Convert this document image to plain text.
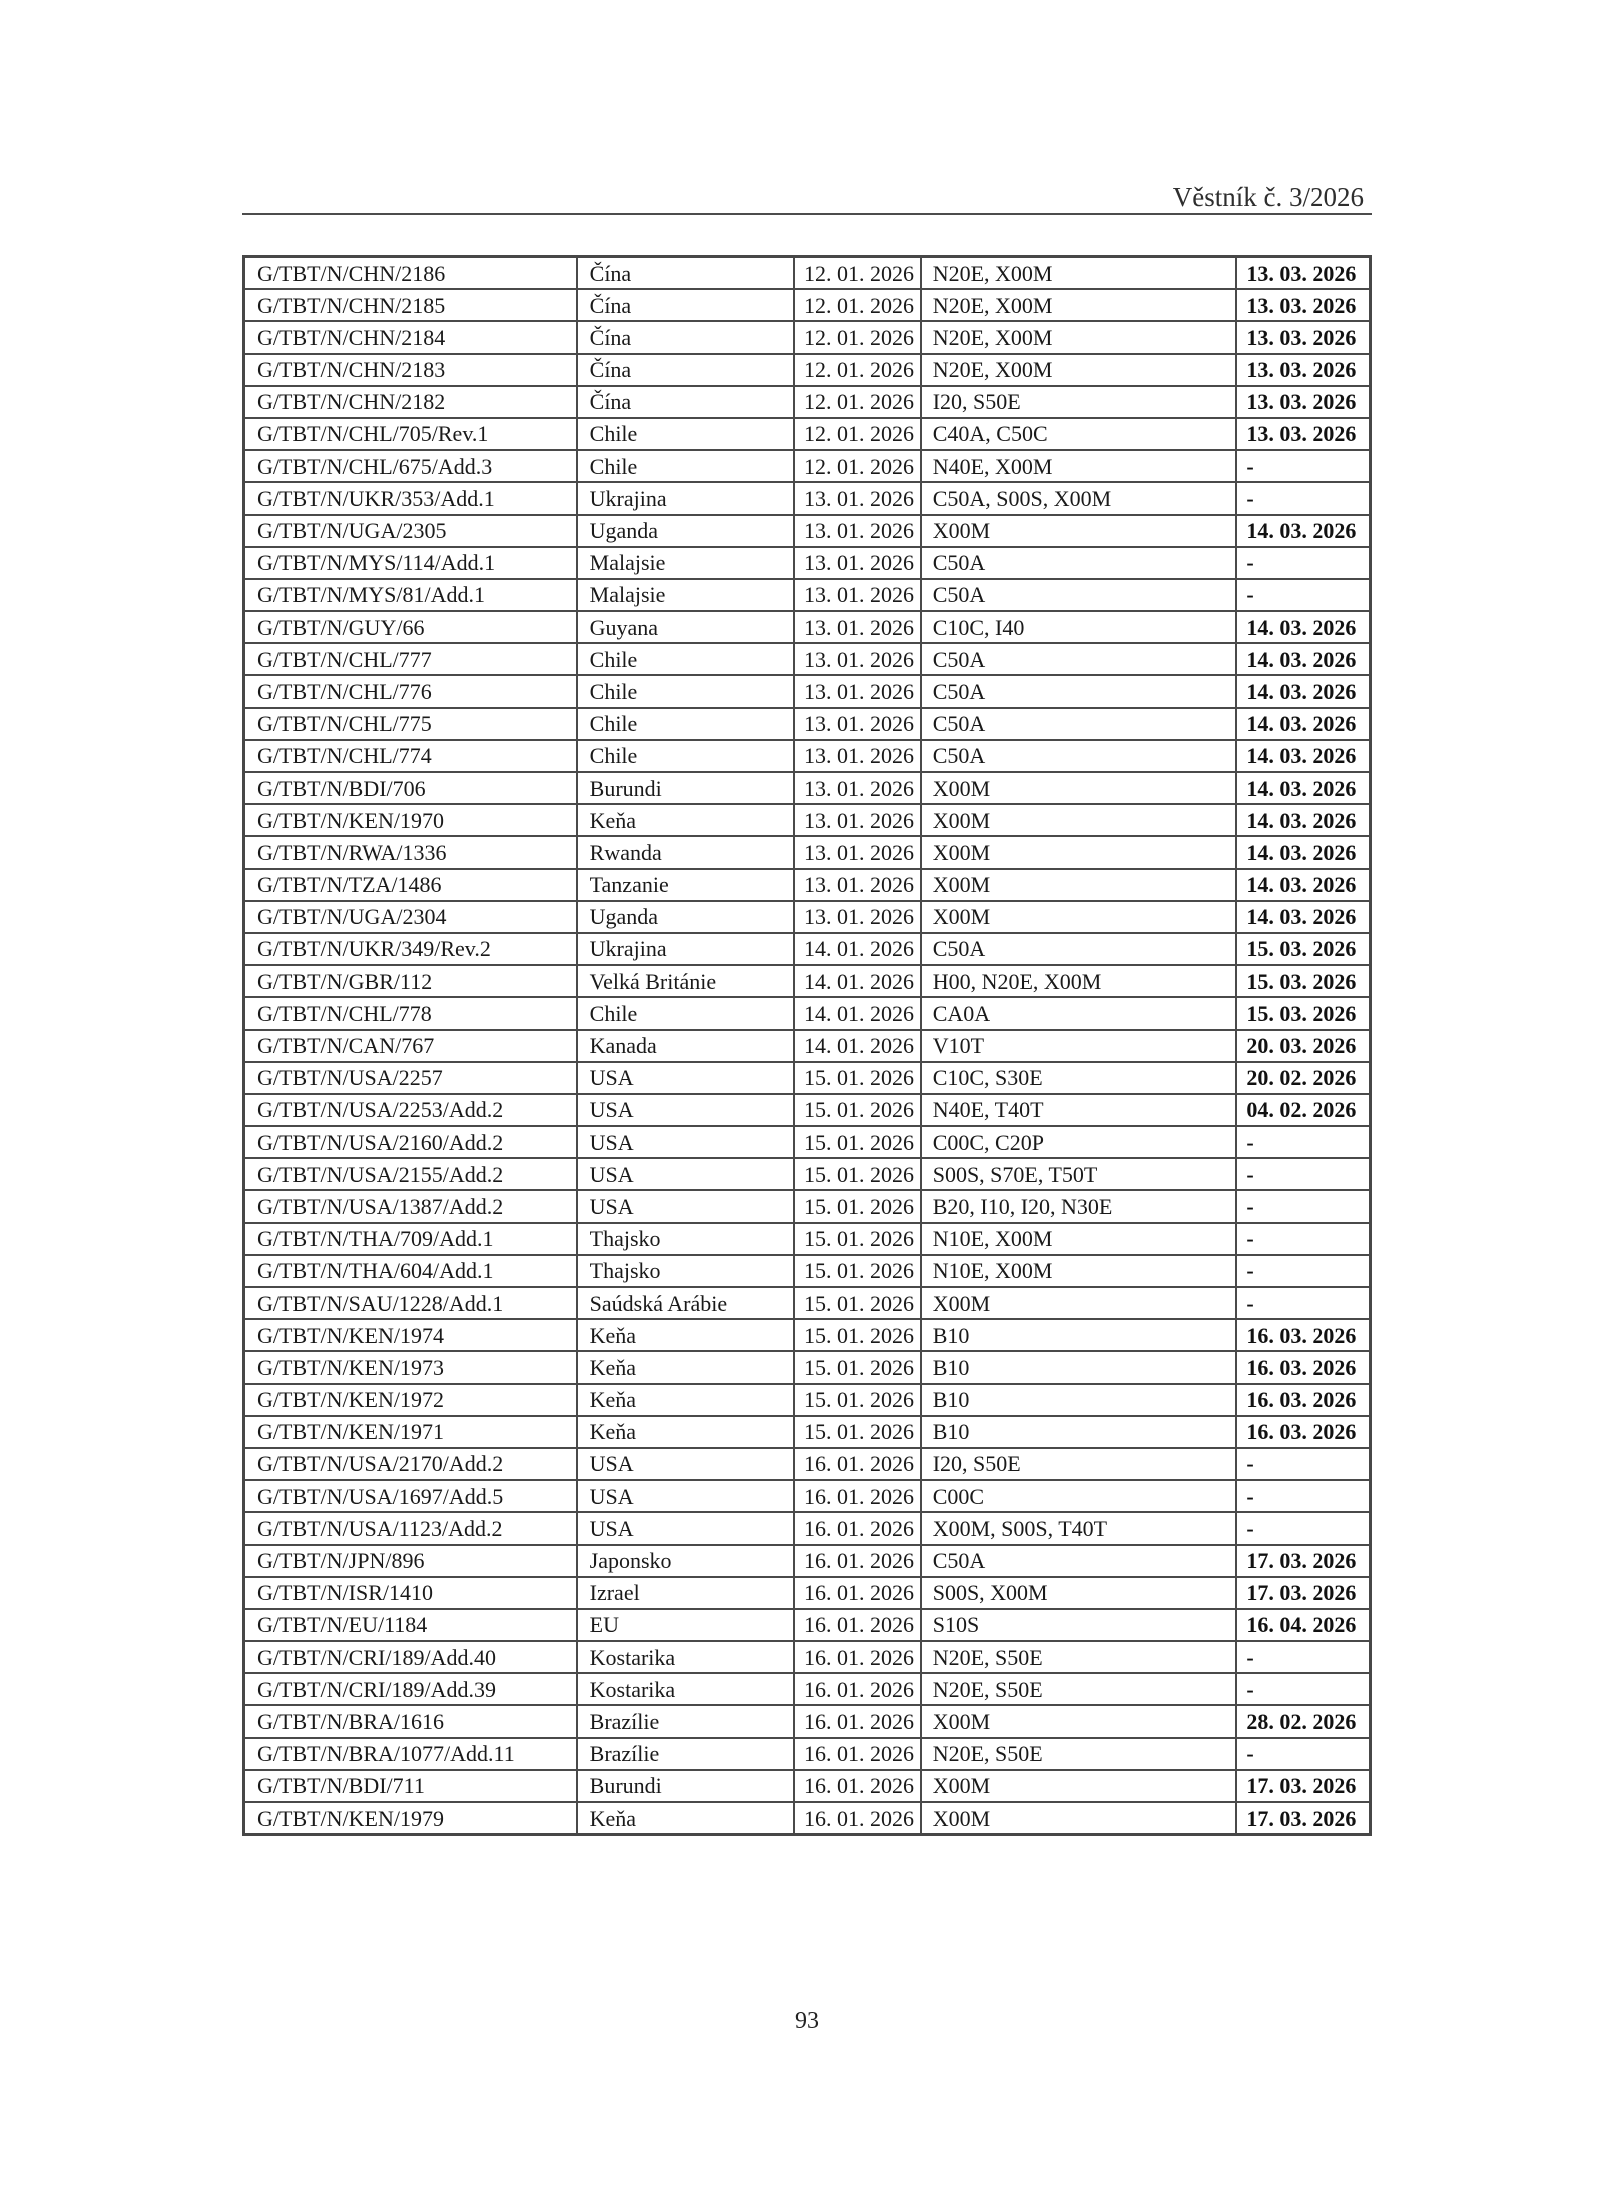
Věstník č. 3/2026
G/TBT/N/CHN/2186	Čína	12. 01. 2026	N20E, X00M	13. 03. 2026
G/TBT/N/CHN/2185	Čína	12. 01. 2026	N20E, X00M	13. 03. 2026
G/TBT/N/CHN/2184	Čína	12. 01. 2026	N20E, X00M	13. 03. 2026
G/TBT/N/CHN/2183	Čína	12. 01. 2026	N20E, X00M	13. 03. 2026
G/TBT/N/CHN/2182	Čína	12. 01. 2026	I20, S50E	13. 03. 2026
G/TBT/N/CHL/705/Rev.1	Chile	12. 01. 2026	C40A, C50C	13. 03. 2026
G/TBT/N/CHL/675/Add.3	Chile	12. 01. 2026	N40E, X00M	-
G/TBT/N/UKR/353/Add.1	Ukrajina	13. 01. 2026	C50A, S00S, X00M	-
G/TBT/N/UGA/2305	Uganda	13. 01. 2026	X00M	14. 03. 2026
G/TBT/N/MYS/114/Add.1	Malajsie	13. 01. 2026	C50A	-
G/TBT/N/MYS/81/Add.1	Malajsie	13. 01. 2026	C50A	-
G/TBT/N/GUY/66	Guyana	13. 01. 2026	C10C, I40	14. 03. 2026
G/TBT/N/CHL/777	Chile	13. 01. 2026	C50A	14. 03. 2026
G/TBT/N/CHL/776	Chile	13. 01. 2026	C50A	14. 03. 2026
G/TBT/N/CHL/775	Chile	13. 01. 2026	C50A	14. 03. 2026
G/TBT/N/CHL/774	Chile	13. 01. 2026	C50A	14. 03. 2026
G/TBT/N/BDI/706	Burundi	13. 01. 2026	X00M	14. 03. 2026
G/TBT/N/KEN/1970	Keňa	13. 01. 2026	X00M	14. 03. 2026
G/TBT/N/RWA/1336	Rwanda	13. 01. 2026	X00M	14. 03. 2026
G/TBT/N/TZA/1486	Tanzanie	13. 01. 2026	X00M	14. 03. 2026
G/TBT/N/UGA/2304	Uganda	13. 01. 2026	X00M	14. 03. 2026
G/TBT/N/UKR/349/Rev.2	Ukrajina	14. 01. 2026	C50A	15. 03. 2026
G/TBT/N/GBR/112	Velká Británie	14. 01. 2026	H00, N20E, X00M	15. 03. 2026
G/TBT/N/CHL/778	Chile	14. 01. 2026	CA0A	15. 03. 2026
G/TBT/N/CAN/767	Kanada	14. 01. 2026	V10T	20. 03. 2026
G/TBT/N/USA/2257	USA	15. 01. 2026	C10C, S30E	20. 02. 2026
G/TBT/N/USA/2253/Add.2	USA	15. 01. 2026	N40E, T40T	04. 02. 2026
G/TBT/N/USA/2160/Add.2	USA	15. 01. 2026	C00C, C20P	-
G/TBT/N/USA/2155/Add.2	USA	15. 01. 2026	S00S, S70E, T50T	-
G/TBT/N/USA/1387/Add.2	USA	15. 01. 2026	B20, I10, I20, N30E	-
G/TBT/N/THA/709/Add.1	Thajsko	15. 01. 2026	N10E, X00M	-
G/TBT/N/THA/604/Add.1	Thajsko	15. 01. 2026	N10E, X00M	-
G/TBT/N/SAU/1228/Add.1	Saúdská Arábie	15. 01. 2026	X00M	-
G/TBT/N/KEN/1974	Keňa	15. 01. 2026	B10	16. 03. 2026
G/TBT/N/KEN/1973	Keňa	15. 01. 2026	B10	16. 03. 2026
G/TBT/N/KEN/1972	Keňa	15. 01. 2026	B10	16. 03. 2026
G/TBT/N/KEN/1971	Keňa	15. 01. 2026	B10	16. 03. 2026
G/TBT/N/USA/2170/Add.2	USA	16. 01. 2026	I20, S50E	-
G/TBT/N/USA/1697/Add.5	USA	16. 01. 2026	C00C	-
G/TBT/N/USA/1123/Add.2	USA	16. 01. 2026	X00M, S00S, T40T	-
G/TBT/N/JPN/896	Japonsko	16. 01. 2026	C50A	17. 03. 2026
G/TBT/N/ISR/1410	Izrael	16. 01. 2026	S00S, X00M	17. 03. 2026
G/TBT/N/EU/1184	EU	16. 01. 2026	S10S	16. 04. 2026
G/TBT/N/CRI/189/Add.40	Kostarika	16. 01. 2026	N20E, S50E	-
G/TBT/N/CRI/189/Add.39	Kostarika	16. 01. 2026	N20E, S50E	-
G/TBT/N/BRA/1616	Brazílie	16. 01. 2026	X00M	28. 02. 2026
G/TBT/N/BRA/1077/Add.11	Brazílie	16. 01. 2026	N20E, S50E	-
G/TBT/N/BDI/711	Burundi	16. 01. 2026	X00M	17. 03. 2026
G/TBT/N/KEN/1979	Keňa	16. 01. 2026	X00M	17. 03. 2026
93
